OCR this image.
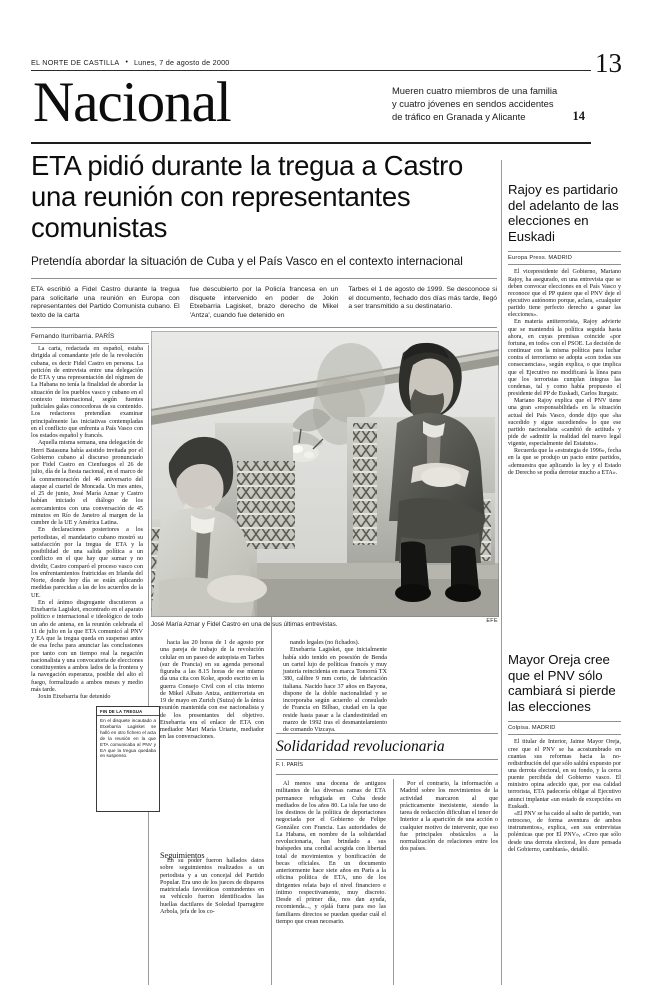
EL NORTE DE CASTILLA • Lunes, 7 de agosto de 2000	13
Nacional	Mueren cuatro miembros de una familia
y cuatro jóvenes en sendos accidentes
de tráfico en Granada y Alicante	14
ETA pidió durante la tregua a Castro una reunión con representantes comunistas
Pretendía abordar la situación de Cuba y el País Vasco en el contexto internacional
ETA escribió a Fidel Castro durante la tregua para solicitarle una reunión en Europa con representantes del Partido Comunista cubano. El texto de la carta
fue descubierto por la Policía francesa en un disquete intervenido en poder de Jokin Etxebarria Lagisket, brazo derecho de Mikel 'Antza', cuando fue detenido en
Tarbes el 1 de agosto de 1999. Se desconoce si el documento, fechado dos días más tarde, llegó a ser transmitido a su destinatario.
Fernando Iturribarria. PARÍS

La carta, redactada en español, estaba dirigida al comandante jefe de la revolución cubana, es decir Fidel Castro en persona. La petición de entrevista entre una delegación de ETA y una representación del régimen de La Habana no tenía la finalidad de abordar la situación de los pueblos vasco y cubano en el contexto internacional, según fuentes judiciales galas conocedoras de su contenido. Los redactores pretendían examinar principalmente las iniciativas contempladas en el conflicto que enfrenta a País Vasco con los estados español y francés.

Aquella misma semana, una delegación de Herri Batasuna había asistido invitada por el Gobierno cubano al discurso pronunciado por Fidel Castro en Cienfuegos el 26 de julio, día de la fiesta nacional, en el marco de la conmemoración del 46 aniversario del ataque al cuartel de Moncada. Un mes antes, el 25 de junio, José María Aznar y Castro habían iniciado el diálogo de los acercamientos con una conversación de 45 minutos en Río de Janeiro al margen de la cumbre de la UE y América Latina.

En declaraciones posteriores a los periodistas, el mandatario cubano mostró su satisfacción por la tregua de ETA y la posibilidad de una salida política a un conflicto en el que hay que sumar y no dividir, Castro comparó el proceso vasco con los enfrentamientos fratricidas en Irlanda del Norte, donde hoy día se están aplicando medidas parecidas a las de los acuerdos de la UE.

En el ánimo disgregante discutieron a Etxebarria Lagisket, encontrado en el aparato político e internacional e ideológico de todo un año de antena, en la reunión celebrada el 11 de julio en la que ETA comunicó al PNV y EA que la tregua queda en suspenso antes de esa fecha para anunciar las conclusiones por tanto con un tiempo real la negación nacionalista y una convocatoria de elecciones constituyentes a ambos lados de la frontera y la navegación esperanza, posible del alto el fuego, formalizado a ambos meses y medio más tarde.

Joxin Etxebarria fue detenido

EFE
José María Aznar y Fidel Castro en una de sus últimas entrevistas.

hacia las 20 horas de 1 de agosto por una pareja de trabajo de la revolución celular en un paseo de autopista en Tarbes (sur de Francia) en su agenda personal figuraba a las 8.15 horas de ese mismo día una cita con Koke, apodo escrito en la guerra Consejo Civil con el cita interno de Mikel Albato Antza, antiterrorista en 19 de mayo en Zurich (Suiza) de la única reunión mantenida con ese nacionalista y de los presentantes del objetivo. Etxebarria era el enlace de ETA con mediador Mari María Uriarte, mediador en las conversaciones.

Seguimientos

En su poder fueron hallados datos sobre seguimientos realizados a un periodista y a un concejal del Partido Popular. Era uno de los jueces de disparos matriculada favoráticas contundentes en su vehículo fueron identificados las huellas dactilares de Soledad Iparragirre Arbola, jefa de los co-

FIN DE LA TREGUA
En el disquete incautado a Etxebarria Lagisket se halló en otro fichero el acta de la reunión en la que ETA comunicaba al PNV y EA que la tregua quedaba en suspenso.

nando legales (no fichados).

Etxebarria Lagisket, que inicialmente había sido tenido en posesión de Benda un cartel lujo de políticas francés y muy justeria reincidenta en marca Tomorrá TX 380, calibre 9 mm corto, de fabricación italiana. Nacido hace 37 años en Bayona, dispone de la doble nacionalidad y se incorporaba según acuerdo al consulado de Francia en Bilbao, ciudad en la que reside hasta pasar a la clandestinidad en marzo de 1992 tras el desmantelamiento de comando Vizcaya.

Solidaridad revolucionaria
F. I. PARÍS

Al menos una docena de antiguos militantes de las diversas ramas de ETA permanece refugiada en Cuba desde mediados de los años 80. La isla fue uno de los destinos de la política de deportaciones negociada por el Gobierno de Felipe González con Francia. Las autoridades de La Habana, en nombre de la solidaridad revolucionaria, han brindado a sus huéspedes una cordial acogida con libertad total de movimientos y bonificación de becas oficiales. En un documento anteriormente hace siete años en París a la oficina política de ETA, uno de los dirigentes relata bajo el nivel financiero e íntimo respectivamente, muy discreto. Desde el primer día, nos dan ayuda, recomienda..., y ojalá fuera para eso las familiares directos se puedan quedar cuál el tiempo que crean necesario.

Por el contrario, la información a Madrid sobre los movimientos de la actividad marcaron al que prácticamente inexistente, siendo la tarea de redacción dificultan el tenor de Interior a la aparición de una acción o cualquier motivo de intervenir, que eso fue principales obstáculos a la normalización de relaciones entre los dos países.

Rajoy es partidario del adelanto de las elecciones en Euskadi
Europa Press. MADRID

El vicepresidente del Gobierno, Mariano Rajoy, ha asegurado, en una entrevista que se deben convocar elecciones en el País Vasco y reconoce que el PP quiere que el PNV deje el ejecutivo autónomo porque, aclara, «cualquier partido tiene perfecto derecho a ganar las elecciones».

En materia antiterrorista, Rajoy advierte que se mantendrá la política seguida hasta ahora, en cuyas premisas coincide «por fortuna, en todo» con el PSOE. La decisión de continuar con la misma política para luchar contra el terrorismo se adopta «con todas sus consecuencias», según explica, o que implica que el Ejecutivo no modificará la línea para que los terroristas cumplan íntegras las condenas, tal y como había propuesto el presidente del PP de Euskadi, Carlos Iturgaiz.

Mariano Rajoy explica que el PNV tiene una gran «responsabilidad» en la situación actual del País Vasco, donde dijo que «ha sucedido y sigue sucediendo» lo que ese partido nacionalista «cambió de actitud» y pide de «admitir la realidad del nuevo legal vigente, especialmente del Estatuto».

Recuerda que la «estrategia de 1996», fecha en la que se produjo un pacto entre partidos, «demuestra que aplicando la ley y el Estado de Derecho se podía derrotar mucho a ETA».

Mayor Oreja cree que el PNV sólo cambiará si pierde las elecciones
Colpisa. MADRID

El titular de Interior, Jaime Mayor Oreja, cree que el PNV se ha acostumbrado en cuantas sus reformas hacia la no-redistribución del que sólo saldrá expuesto por una derrota electoral, en su fondo, y la cerca puente percibida del Gobierno vasco. El ministro opina adecido que, por esa calidad terrorista, ETA padecería obligar al Ejecutivo anunci implantar «un estado de excepción» en Euskadi.

«El PNV se ha caído al salto de partido, van retroceso, de forma aventura de ambos instrumentos», explica, «en sus entrevistas polémicas que por El PNV», «Creo que sólo desde una derrota electoral, les dure pensada del Gobierno, cambiará», detalló.
